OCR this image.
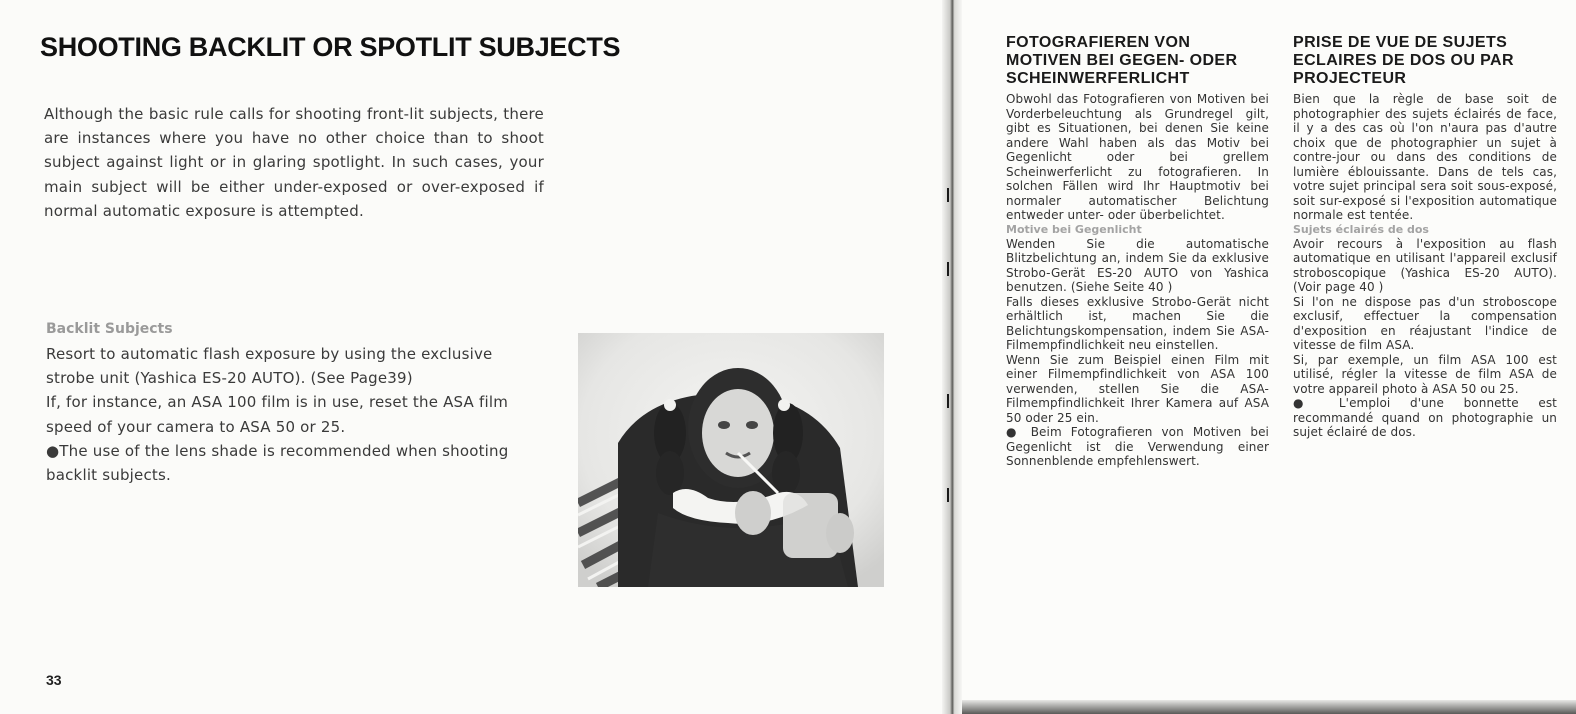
SHOOTING BACKLIT OR SPOTLIT SUBJECTS

Although the basic rule calls for shooting front-lit subjects, there are instances where you have no other choice than to shoot subject against light or in glaring spotlight. In such cases, your main subject will be either under-exposed or over-exposed if normal automatic exposure is attempted.

Backlit Subjects
Resort to automatic flash exposure by using the exclusive strobe unit (Yashica ES-20 AUTO). (See Page39)
If, for instance, an ASA 100 film is in use, reset the ASA film speed of your camera to ASA 50 or 25.
●The use of the lens shade is recommended when shooting backlit subjects.
33
FOTOGRAFIEREN VON MOTIVEN BEI GEGEN- ODER SCHEINWERFERLICHT

Obwohl das Fotografieren von Motiven bei Vorderbeleuchtung als Grundregel gilt, gibt es Situationen, bei denen Sie keine andere Wahl haben als das Motiv bei Gegenlicht oder bei grellem Scheinwerferlicht zu fotografieren. In solchen Fällen wird Ihr Hauptmotiv bei normaler automatischer Belichtung entweder unter- oder überbelichtet.

Motive bei Gegenlicht

Wenden Sie die automatische Blitzbelichtung an, indem Sie da exklusive Strobo-Gerät ES-20 AUTO von Yashica benutzen. (Siehe Seite 40 )
Falls dieses exklusive Strobo-Gerät nicht erhältlich ist, machen Sie die Belichtungskompensation, indem Sie ASA-Filmempfindlichkeit neu einstellen.
Wenn Sie zum Beispiel einen Film mit einer Filmempfindlichkeit von ASA 100 verwenden, stellen Sie die ASA-Filmempfindlichkeit Ihrer Kamera auf ASA 50 oder 25 ein.
● Beim Fotografieren von Motiven bei Gegenlicht ist die Verwendung einer Sonnenblende empfehlenswert.
PRISE DE VUE DE SUJETS ECLAIRES DE DOS OU PAR PROJECTEUR

Bien que la règle de base soit de photographier des sujets éclairés de face, il y a des cas où l'on n'aura pas d'autre choix que de photographier un sujet à contre-jour ou dans des conditions de lumière éblouissante. Dans de tels cas, votre sujet principal sera soit sous-exposé, soit sur-exposé si l'exposition automatique normale est tentée.

Sujets éclairés de dos

Avoir recours à l'exposition au flash automatique en utilisant l'appareil exclusif stroboscopique (Yashica ES-20 AUTO). (Voir page 40 )
Si l'on ne dispose pas d'un stroboscope exclusif, effectuer la compensation d'exposition en réajustant l'indice de vitesse de film ASA.
Si, par exemple, un film ASA 100 est utilisé, régler la vitesse de film ASA de votre appareil photo à ASA 50 ou 25.
● L'emploi d'une bonnette est recommandé quand on photographie un sujet éclairé de dos.
